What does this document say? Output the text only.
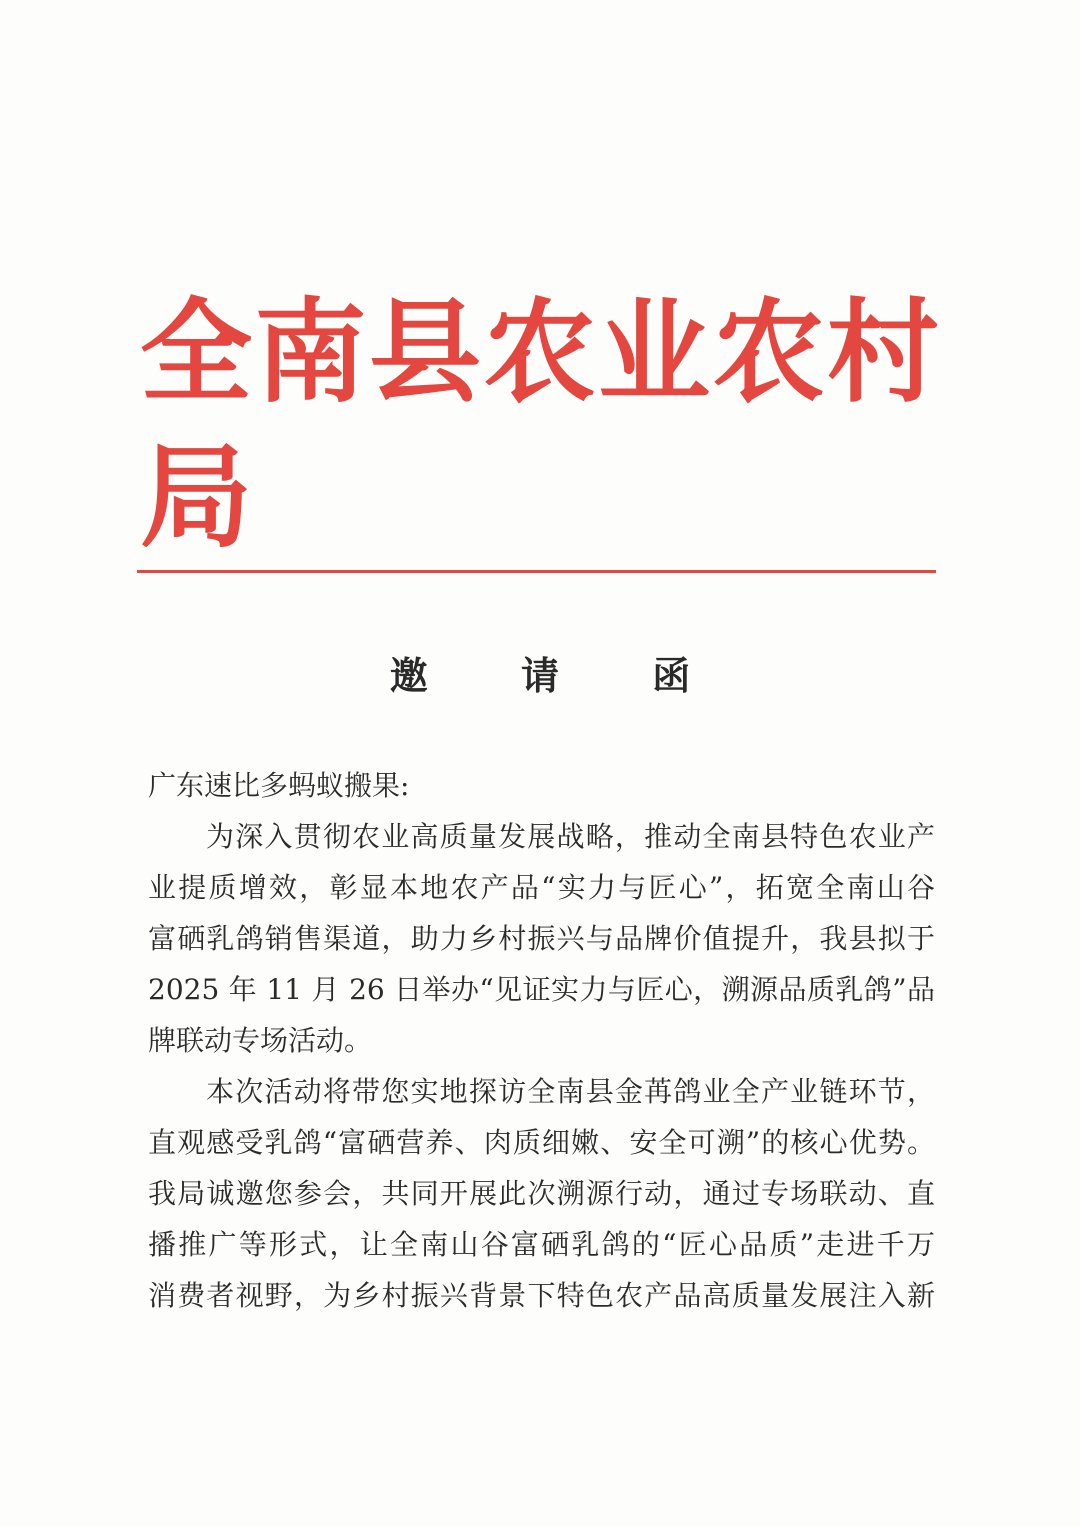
全南县农业农村局
邀 请 函
广东速比多蚂蚁搬果:
为深入贯彻农业高质量发展战略，推动全南县特色农业产
业提质增效，彰显本地农产品“实力与匠心”，拓宽全南山谷
富硒乳鸽销售渠道，助力乡村振兴与品牌价值提升，我县拟于
2025 年 11 月 26 日举办“见证实力与匠心，溯源品质乳鸽”品
牌联动专场活动。
本次活动将带您实地探访全南县金苒鸽业全产业链环节，
直观感受乳鸽“富硒营养、肉质细嫩、安全可溯”的核心优势。
我局诚邀您参会，共同开展此次溯源行动，通过专场联动、直
播推广等形式，让全南山谷富硒乳鸽的“匠心品质”走进千万
消费者视野，为乡村振兴背景下特色农产品高质量发展注入新
